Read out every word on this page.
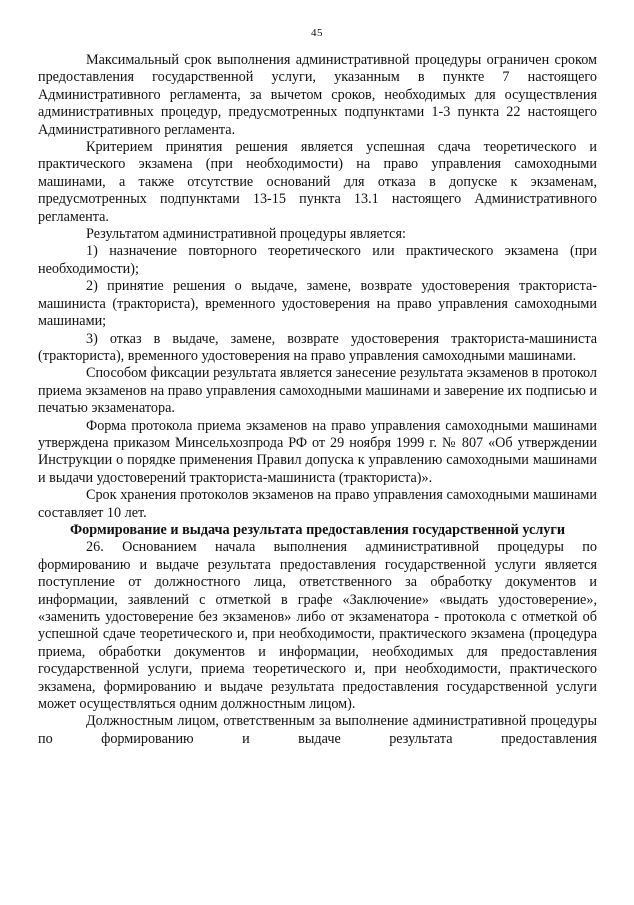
45

Максимальный срок выполнения административной процедуры ограничен сроком предоставления государственной услуги, указанным в пункте 7 настоящего Административного регламента, за вычетом сроков, необходимых для осуществления административных процедур, предусмотренных подпунктами 1-3 пункта 22 настоящего Административного регламента.

Критерием принятия решения является успешная сдача теоретического и практического экзамена (при необходимости) на право управления самоходными машинами, а также отсутствие оснований для отказа в допуске к экзаменам, предусмотренных подпунктами 13-15 пункта 13.1 настоящего Административного регламента.

Результатом административной процедуры является:

1) назначение повторного теоретического или практического экзамена (при необходимости);

2) принятие решения о выдаче, замене, возврате удостоверения тракториста-машиниста (тракториста), временного удостоверения на право управления самоходными машинами;

3) отказ в выдаче, замене, возврате удостоверения тракториста-машиниста (тракториста), временного удостоверения на право управления самоходными машинами.

Способом фиксации результата является занесение результата экзаменов в протокол приема экзаменов на право управления самоходными машинами и заверение их подписью и печатью экзаменатора.

Форма протокола приема экзаменов на право управления самоходными машинами утверждена приказом Минсельхозпрода РФ от 29 ноября 1999 г. № 807 «Об утверждении Инструкции о порядке применения Правил допуска к управлению самоходными машинами и выдачи удостоверений тракториста-машиниста (тракториста)».

Срок хранения протоколов экзаменов на право управления самоходными машинами составляет 10 лет.

Формирование и выдача результата предоставления государственной услуги

26. Основанием начала выполнения административной процедуры по формированию и выдаче результата предоставления государственной услуги является поступление от должностного лица, ответственного за обработку документов и информации, заявлений с отметкой в графе «Заключение» «выдать удостоверение», «заменить удостоверение без экзаменов» либо от экзаменатора - протокола с отметкой об успешной сдаче теоретического и, при необходимости, практического экзамена (процедура приема, обработки документов и информации, необходимых для предоставления государственной услуги, приема теоретического и, при необходимости, практического экзамена, формированию и выдаче результата предоставления государственной услуги может осуществляться одним должностным лицом).

Должностным лицом, ответственным за выполнение административной процедуры по формированию и выдаче результата предоставления
